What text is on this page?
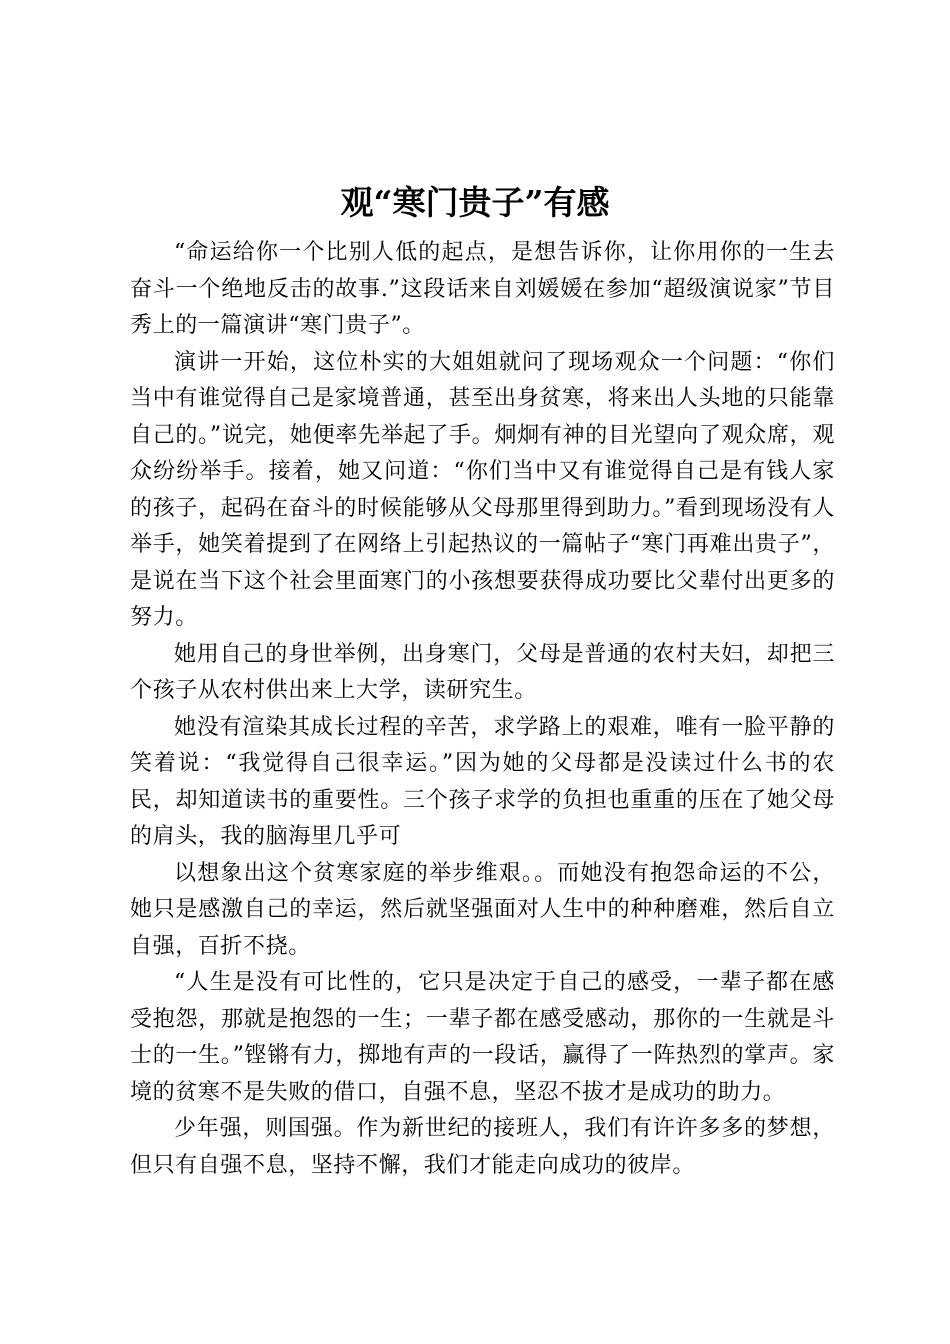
观“寒门贵子”有感

“命运给你一个比别人低的起点，是想告诉你，让你用你的一生去奋斗一个绝地反击的故事.”这段话来自刘媛媛在参加“超级演说家”节目秀上的一篇演讲“寒门贵子”。

演讲一开始，这位朴实的大姐姐就问了现场观众一个问题：“你们当中有谁觉得自己是家境普通，甚至出身贫寒，将来出人头地的只能靠自己的。”说完，她便率先举起了手。炯炯有神的目光望向了观众席，观众纷纷举手。接着，她又问道：“你们当中又有谁觉得自己是有钱人家的孩子，起码在奋斗的时候能够从父母那里得到助力。”看到现场没有人举手，她笑着提到了在网络上引起热议的一篇帖子“寒门再难出贵子”，是说在当下这个社会里面寒门的小孩想要获得成功要比父辈付出更多的努力。

她用自己的身世举例，出身寒门，父母是普通的农村夫妇，却把三个孩子从农村供出来上大学，读研究生。

她没有渲染其成长过程的辛苦，求学路上的艰难，唯有一脸平静的笑着说：“我觉得自己很幸运。”因为她的父母都是没读过什么书的农民，却知道读书的重要性。三个孩子求学的负担也重重的压在了她父母的肩头，我的脑海里几乎可

以想象出这个贫寒家庭的举步维艰。。而她没有抱怨命运的不公，她只是感激自己的幸运，然后就坚强面对人生中的种种磨难，然后自立自强，百折不挠。

“人生是没有可比性的，它只是决定于自己的感受，一辈子都在感受抱怨，那就是抱怨的一生；一辈子都在感受感动，那你的一生就是斗士的一生。”铿锵有力，掷地有声的一段话，赢得了一阵热烈的掌声。家境的贫寒不是失败的借口，自强不息，坚忍不拔才是成功的助力。

少年强，则国强。作为新世纪的接班人，我们有许许多多的梦想，但只有自强不息，坚持不懈，我们才能走向成功的彼岸。
